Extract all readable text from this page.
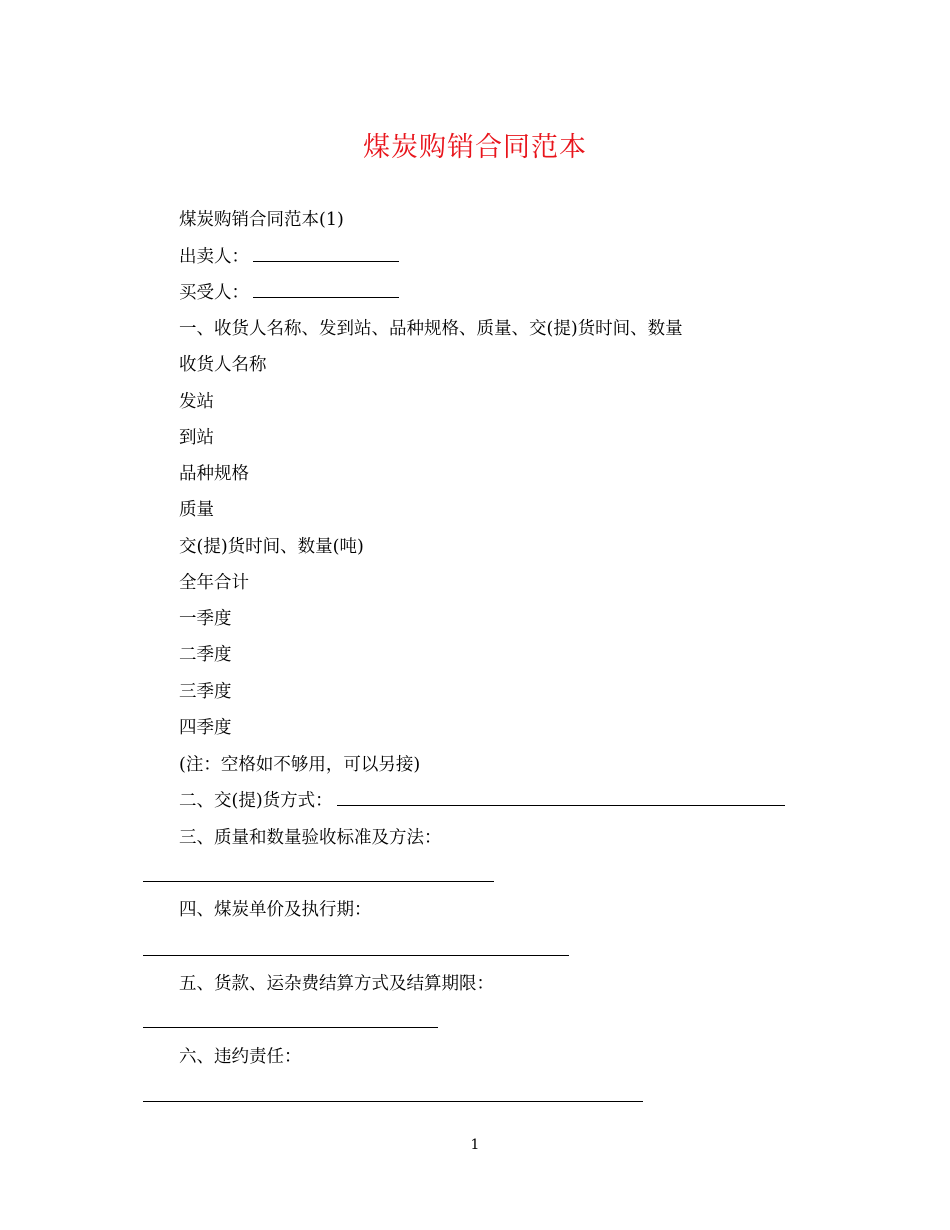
煤炭购销合同范本
煤炭购销合同范本(1)
出卖人：
买受人：
一、收货人名称、发到站、品种规格、质量、交(提)货时间、数量
收货人名称
发站
到站
品种规格
质量
交(提)货时间、数量(吨)
全年合计
一季度
二季度
三季度
四季度
(注：空格如不够用，可以另接)
二、交(提)货方式：
三、质量和数量验收标准及方法：
四、煤炭单价及执行期：
五、货款、运杂费结算方式及结算期限：
六、违约责任：
1
